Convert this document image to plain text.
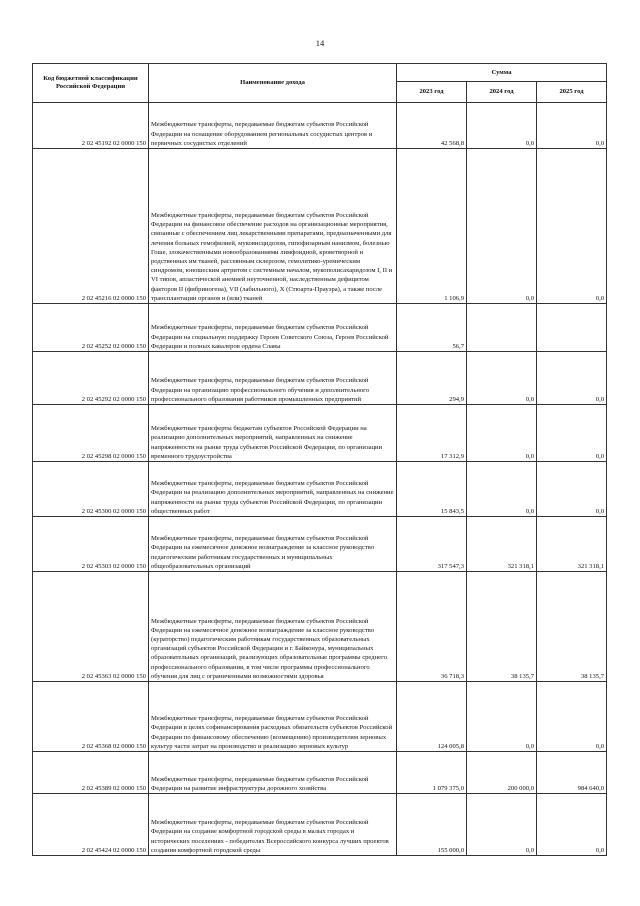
14
Код бюджетной классификации Российской Федерации	Наименование дохода	Сумма		
		2023 год	2024 год	2025 год
2 02 45192 02 0000 150	Межбюджетные трансферты, передаваемые бюджетам субъектов Российской Федерации на оснащение оборудованием региональных сосудистых центров и первичных сосудистых отделений	42 568,8	0,0	0,0
2 02 45216 02 0000 150	Межбюджетные трансферты, передаваемые бюджетам субъектов Российской Федерации на финансовое обеспечение расходов на организационные мероприятия, связанные с обеспечением лиц лекарственными препаратами, предназначенными для лечения больных гемофилией, муковисцидозом, гипофизарным нанизмом, болезнью Гоше, злокачественными новообразованиями лимфоидной, кроветворной и родственных им тканей, рассеянным склерозом, гемолитико-уремическим синдромом, юношеским артритом с системным началом, мукополисахаридозом I, II и VI типов, апластической анемией неуточненной, наследственным дефицитом факторов II (фибриногена), VII (лабильного), X (Стюарта-Прауэра), а также после трансплантации органов и (или) тканей	1 106,9	0,0	0,0
2 02 45252 02 0000 150	Межбюджетные трансферты, передаваемые бюджетам субъектов Российской Федерации на социальную поддержку Героев Советского Союза, Героев Российской Федерации и полных кавалеров ордена Славы	56,7		
2 02 45292 02 0000 150	Межбюджетные трансферты, передаваемые бюджетам субъектов Российской Федерации на организацию профессионального обучения и дополнительного профессионального образования работников промышленных предприятий	294,9	0,0	0,0
2 02 45298 02 0000 150	Межбюджетные трансферты бюджетам субъектов Российской Федерации на реализацию дополнительных мероприятий, направленных на снижение напряженности на рынке труда субъектов Российской Федерации, по организации временного трудоустройства	17 312,9	0,0	0,0
2 02 45300 02 0000 150	Межбюджетные трансферты, передаваемые бюджетам субъектов Российской Федерации на реализацию дополнительных мероприятий, направленных на снижение напряженности на рынке труда субъектов Российской Федерации, по организации общественных работ	15 843,5	0,0	0,0
2 02 45303 02 0000 150	Межбюджетные трансферты, передаваемые бюджетам субъектов Российской Федерации на ежемесячное денежное вознаграждение за классное руководство педагогическим работникам государственных и муниципальных общеобразовательных организаций	317 547,3	321 318,1	321 318,1
2 02 45363 02 0000 150	Межбюджетные трансферты, передаваемые бюджетам субъектов Российской Федерации на ежемесячное денежное вознаграждение за классное руководство (кураторство) педагогическим работникам государственных образовательных организаций субъектов Российской Федерации и г. Байконура, муниципальных образовательных организаций, реализующих образовательные программы среднего профессионального образования, в том числе программы профессионального обучения для лиц с ограниченными возможностями здоровья	36 718,3	38 135,7	38 135,7
2 02 45368 02 0000 150	Межбюджетные трансферты, передаваемые бюджетам субъектов Российской Федерации в целях софинансирования расходных обязательств субъектов Российской Федерации по финансовому обеспечению (возмещению) производителям зерновых культур части затрат на производство и реализацию зерновых культур	124 005,8	0,0	0,0
2 02 45389 02 0000 150	Межбюджетные трансферты, передаваемые бюджетам субъектов Российской Федерации на развитие инфраструктуры дорожного хозяйства	1 079 375,0	200 000,0	984 640,0
2 02 45424 02 0000 150	Межбюджетные трансферты, передаваемые бюджетам субъектов Российской Федерации на создание комфортной городской среды в малых городах и исторических поселениях - победителях Всероссийского конкурса лучших проектов создания комфортной городской среды	155 000,0	0,0	0,0
